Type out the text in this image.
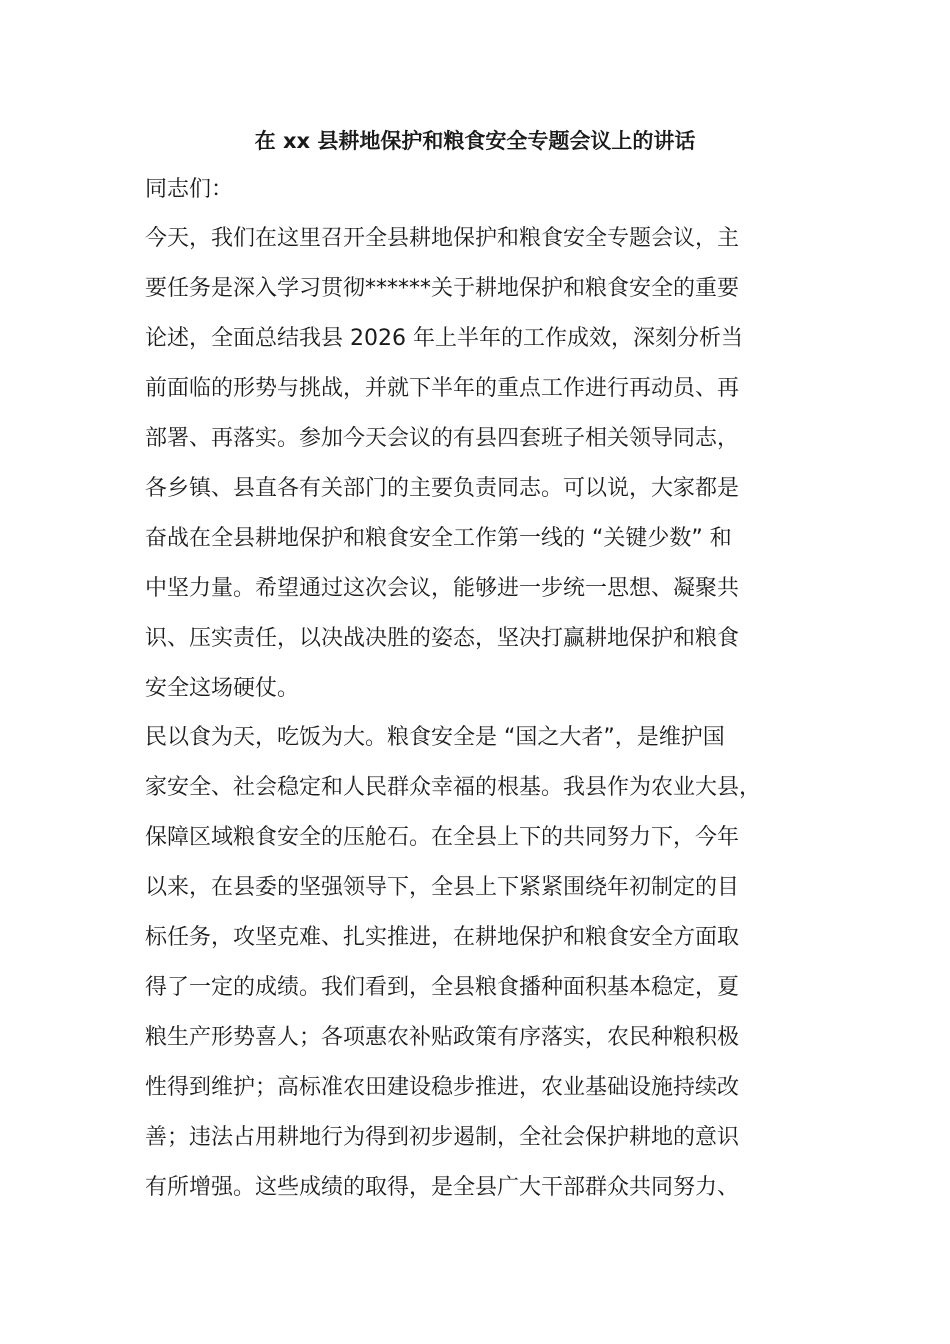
在 xx 县耕地保护和粮食安全专题会议上的讲话
同志们：
今天，我们在这里召开全县耕地保护和粮食安全专题会议，主
要任务是深入学习贯彻******关于耕地保护和粮食安全的重要
论述，全面总结我县 2026 年上半年的工作成效，深刻分析当
前面临的形势与挑战，并就下半年的重点工作进行再动员、再
部署、再落实。参加今天会议的有县四套班子相关领导同志，
各乡镇、县直各有关部门的主要负责同志。可以说，大家都是
奋战在全县耕地保护和粮食安全工作第一线的 “关键少数” 和
中坚力量。希望通过这次会议，能够进一步统一思想、凝聚共
识、压实责任，以决战决胜的姿态，坚决打赢耕地保护和粮食
安全这场硬仗。
民以食为天，吃饭为大。粮食安全是 “国之大者”，是维护国
家安全、社会稳定和人民群众幸福的根基。我县作为农业大县，
保障区域粮食安全的压舱石。在全县上下的共同努力下，今年
以来，在县委的坚强领导下，全县上下紧紧围绕年初制定的目
标任务，攻坚克难、扎实推进，在耕地保护和粮食安全方面取
得了一定的成绩。我们看到，全县粮食播种面积基本稳定，夏
粮生产形势喜人；各项惠农补贴政策有序落实，农民种粮积极
性得到维护；高标准农田建设稳步推进，农业基础设施持续改
善；违法占用耕地行为得到初步遏制，全社会保护耕地的意识
有所增强。这些成绩的取得，是全县广大干部群众共同努力、
